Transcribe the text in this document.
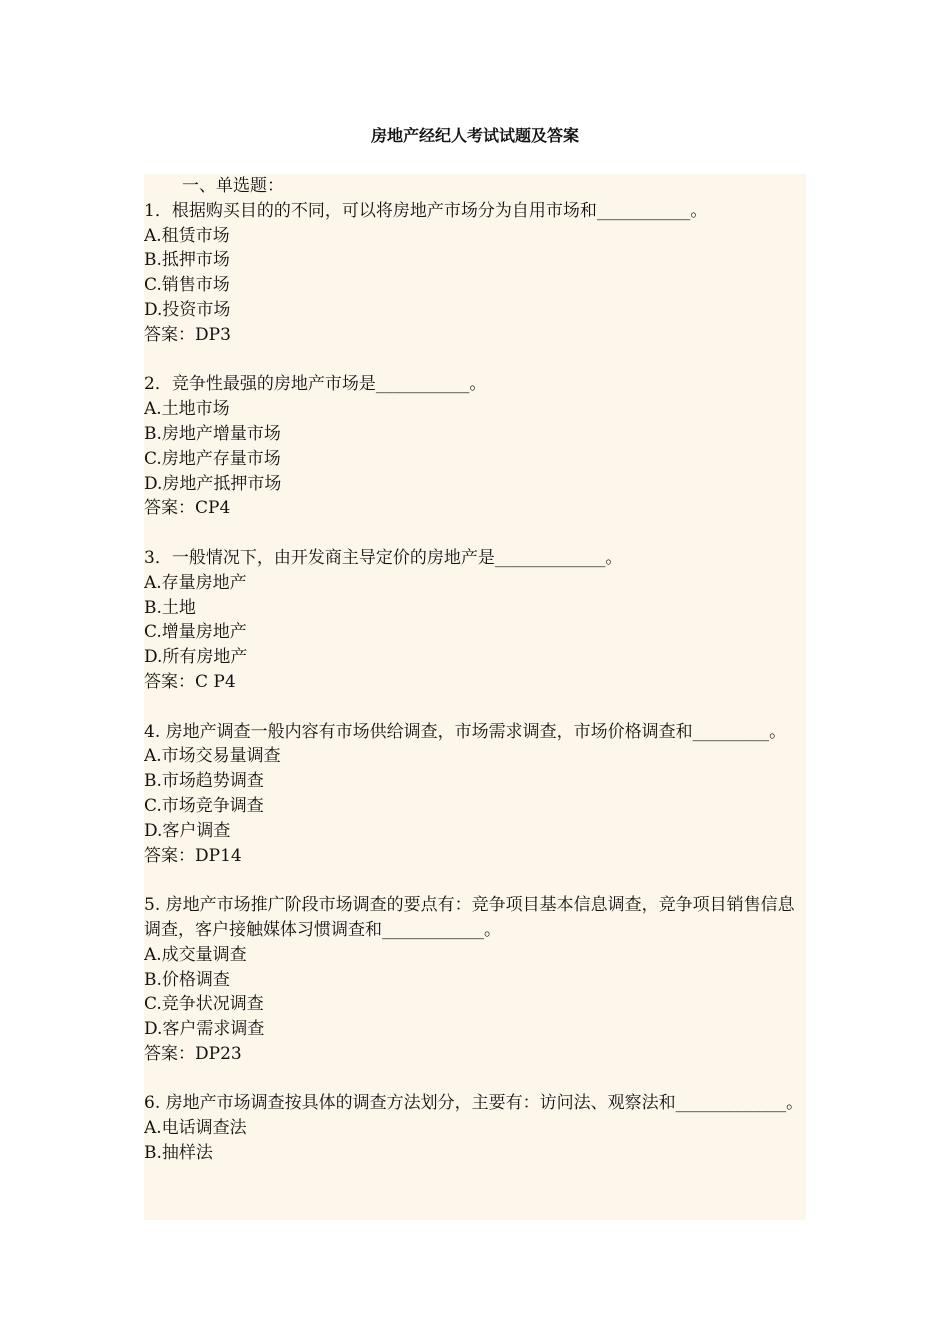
房地产经纪人考试试题及答案
一、单选题：
1．根据购买目的的不同，可以将房地产市场分为自用市场和___________。
A.租赁市场
B.抵押市场
C.销售市场
D.投资市场
答案：DP3
2．竞争性最强的房地产市场是___________。
A.土地市场
B.房地产增量市场
C.房地产存量市场
D.房地产抵押市场
答案：CP4
3．一般情况下，由开发商主导定价的房地产是_____________。
A.存量房地产
B.土地
C.增量房地产
D.所有房地产
答案：C P4
4. 房地产调查一般内容有市场供给调查，市场需求调查，市场价格调查和_________。
A.市场交易量调查
B.市场趋势调查
C.市场竞争调查
D.客户调查
答案：DP14
5. 房地产市场推广阶段市场调查的要点有：竞争项目基本信息调查，竞争项目销售信息调查，客户接触媒体习惯调查和____________。
A.成交量调查
B.价格调查
C.竞争状况调查
D.客户需求调查
答案：DP23
6. 房地产市场调查按具体的调查方法划分，主要有：访问法、观察法和_____________。
A.电话调查法
B.抽样法
